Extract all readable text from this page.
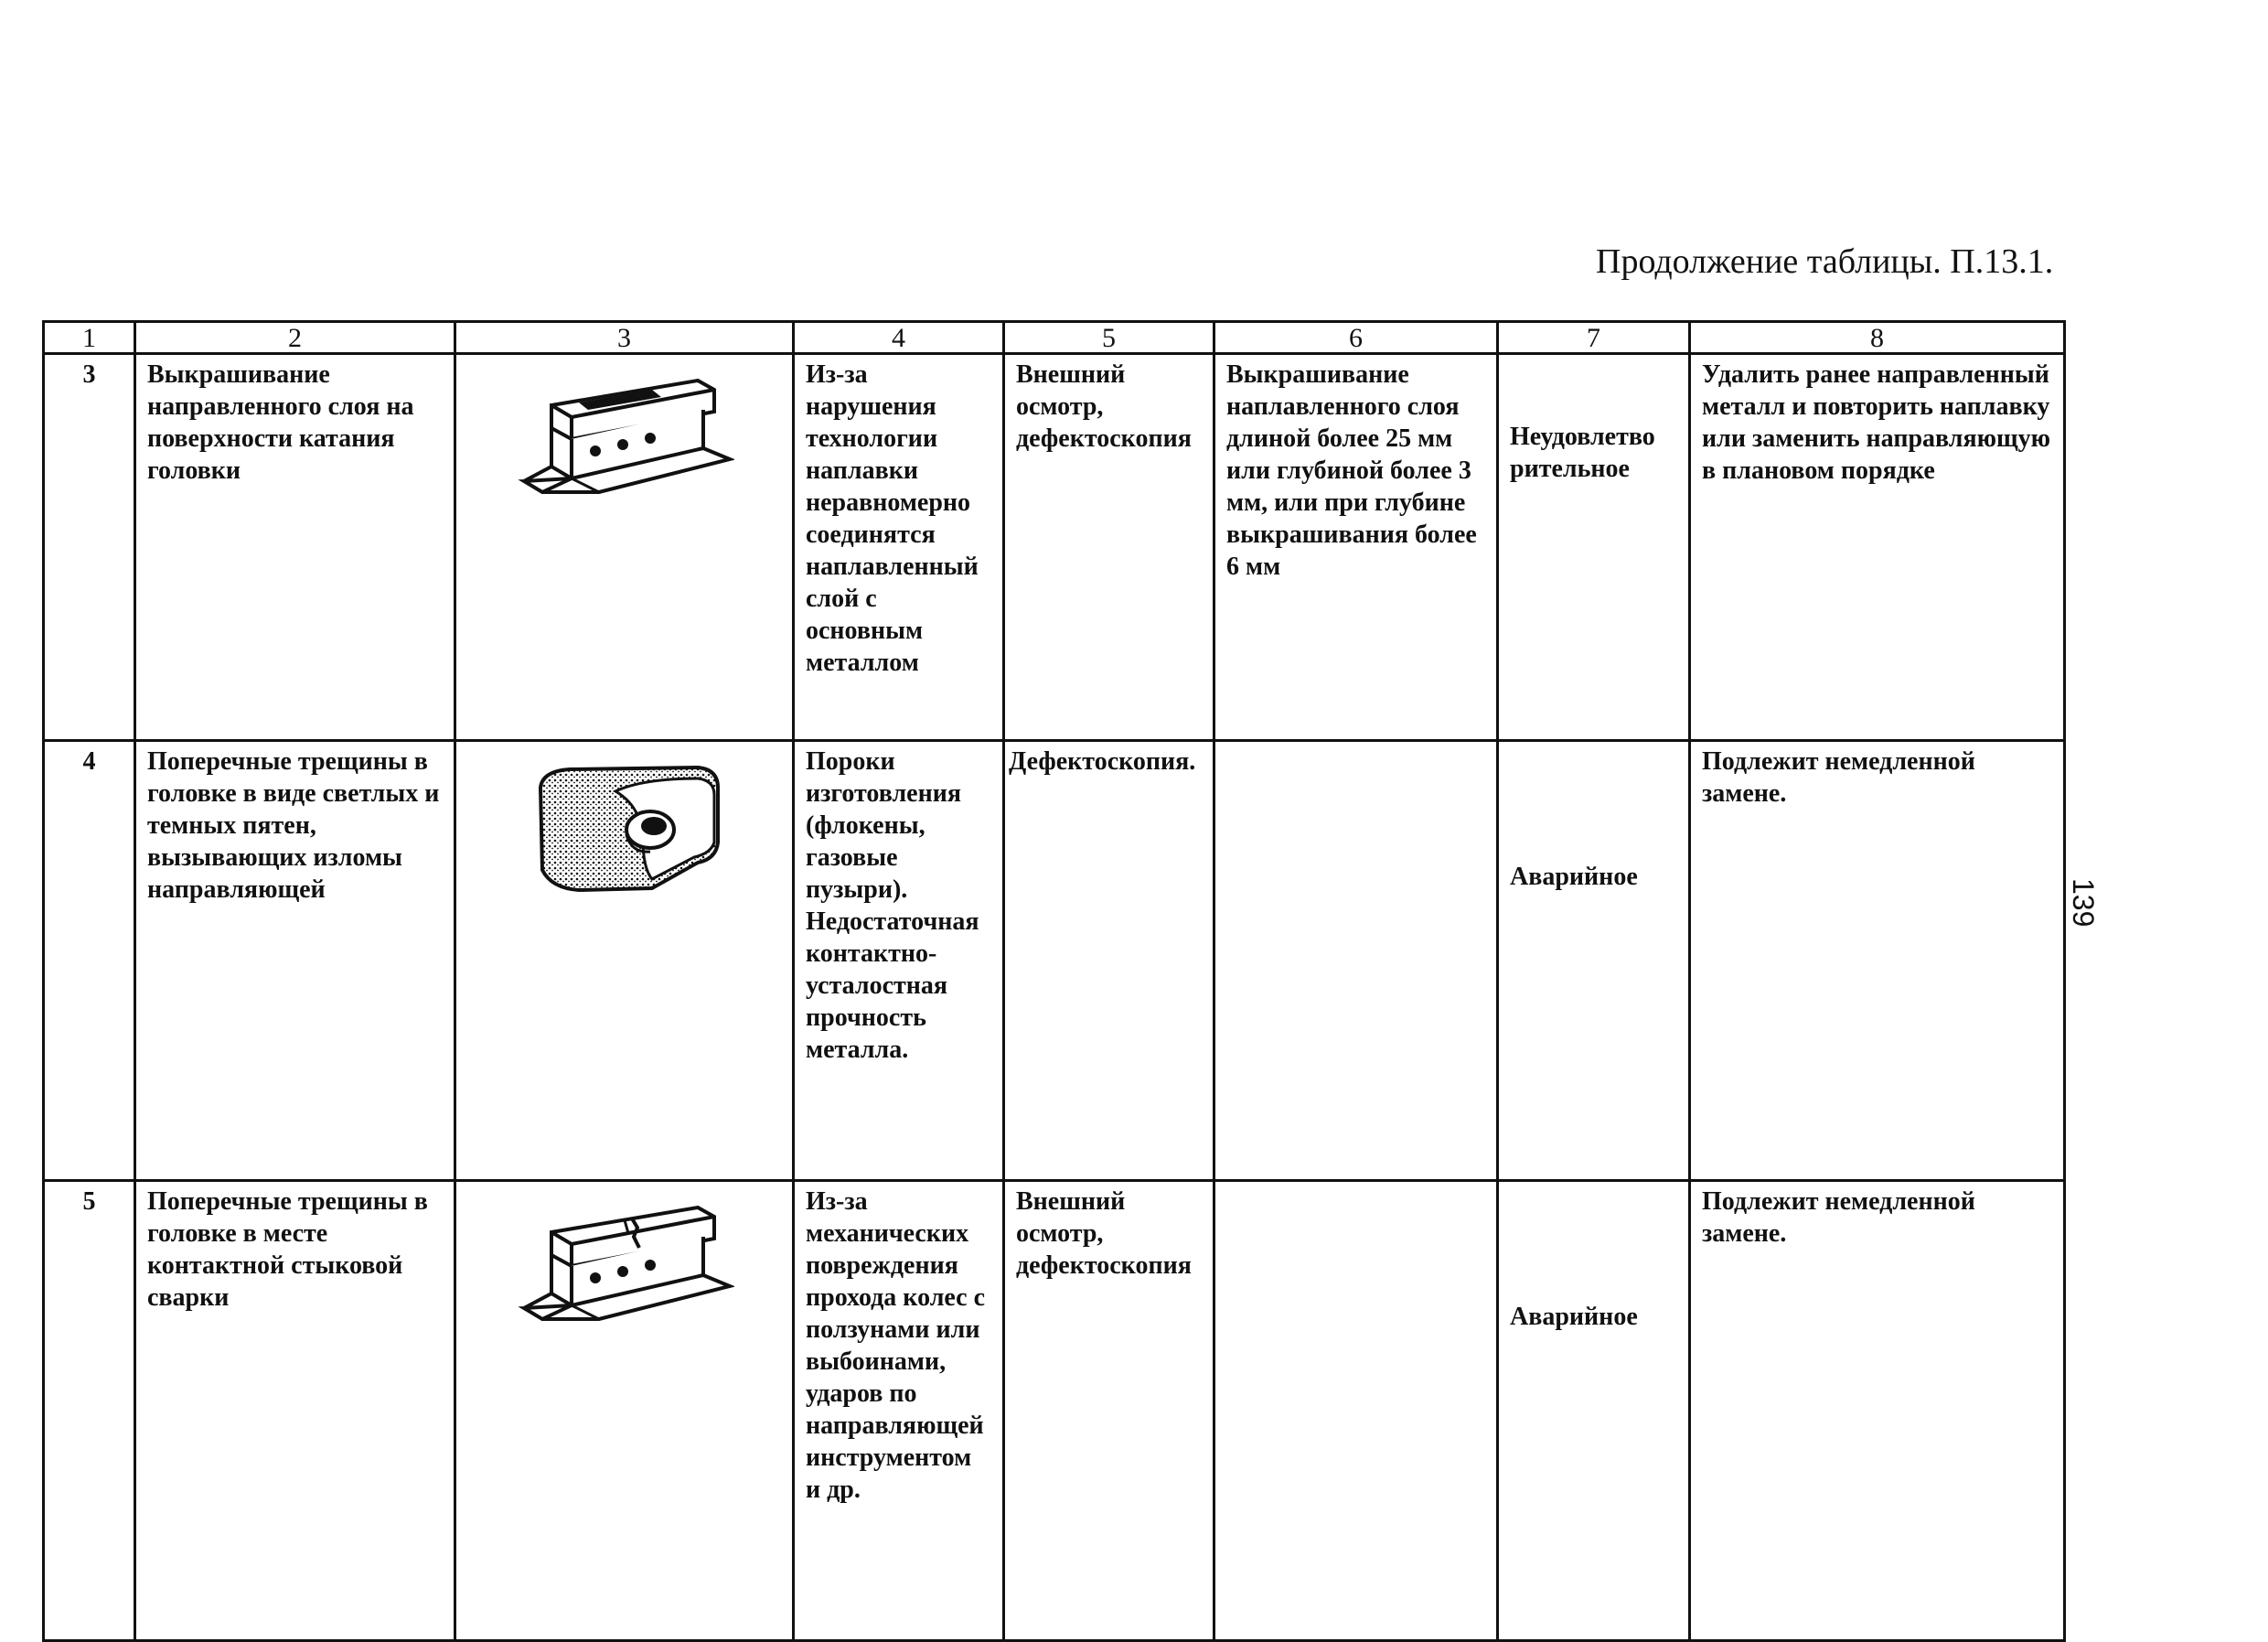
Продолжение таблицы. П.13.1.
139
1	2	3	4	5	6	7	8
3	Выкрашивание направленного слоя на поверхности катания головки		Из-за нарушения технологии наплавки неравномерно соединятся наплавленный слой с основным металлом	Внешний осмотр, дефектоскопия	Выкрашивание наплавленного слоя длиной более 25 мм или глубиной более 3 мм, или при глубине выкрашивания более 6 мм	Неудовлетво рительное	Удалить ранее направленный металл и повторить наплавку или заменить направляющую в плановом порядке
4	Поперечные трещины в головке в виде светлых и темных пятен, вызывающих изломы направляющей		Пороки изготовления (флокены, газовые пузыри). Недостаточная контактно-усталостная прочность металла.	Дефектоскопия.		Аварийное	Подлежит немедленной замене.
5	Поперечные трещины в головке в месте контактной стыковой сварки		Из-за механических повреждения прохода колес с ползунами или выбоинами, ударов по направляющей инструментом и др.	Внешний осмотр, дефектоскопия		Аварийное	Подлежит немедленной замене.
